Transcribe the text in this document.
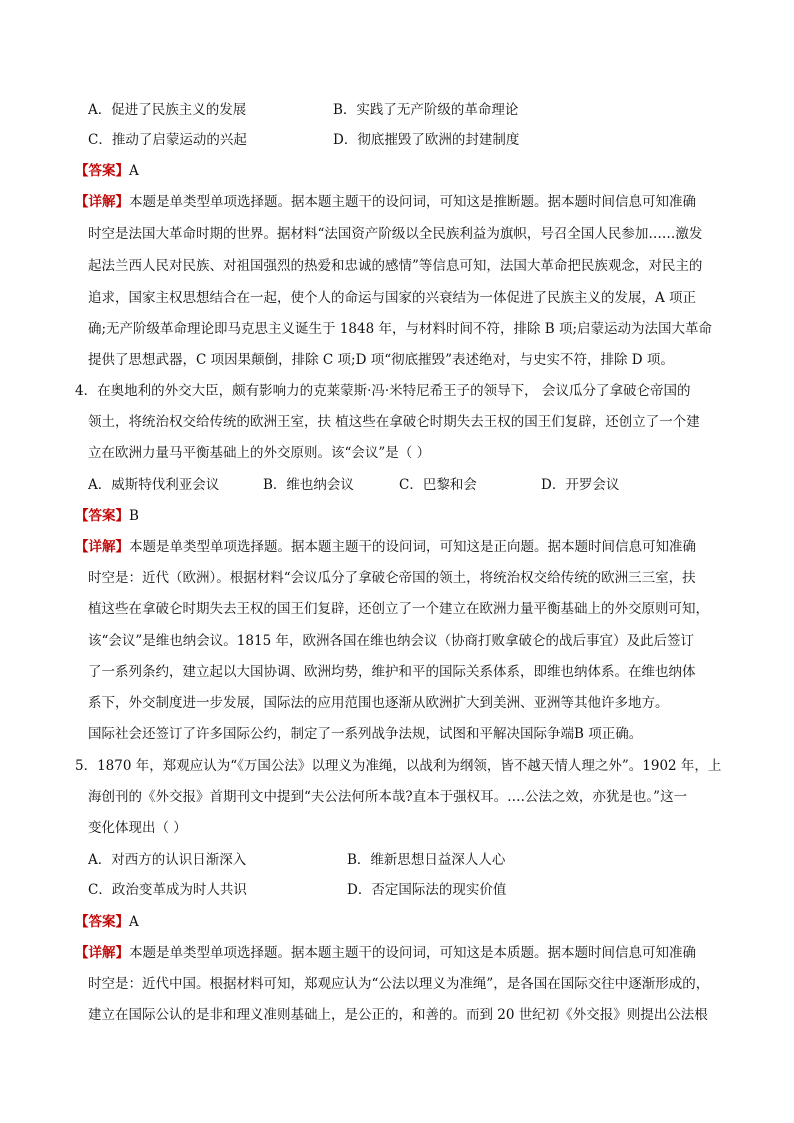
A．促进了民族主义的发展	B．实践了无产阶级的革命理论
C．推动了启蒙运动的兴起	D．彻底摧毁了欧洲的封建制度
【答案】A
【详解】本题是单类型单项选择题。据本题主题干的设问词，可知这是推断题。据本题时间信息可知准确
时空是法国大革命时期的世界。据材料“法国资产阶级以全民族利益为旗帜，号召全国人民参加……激发
起法兰西人民对民族、对祖国强烈的热爱和忠诚的感情”等信息可知，法国大革命把民族观念，对民主的
追求，国家主权思想结合在一起，使个人的命运与国家的兴衰结为一体促进了民族主义的发展，A 项正
确;无产阶级革命理论即马克思主义诞生于 1848 年，与材料时间不符，排除 B 项;启蒙运动为法国大革命
提供了思想武器，C 项因果颠倒，排除 C 项;D 项“彻底摧毁”表述绝对，与史实不符，排除 D 项。
4．在奥地利的外交大臣，颇有影响力的克莱蒙斯·冯·米特尼希王子的领导下， 会议瓜分了拿破仑帝国的
领土，将统治权交给传统的欧洲王室，扶 植这些在拿破仑时期失去王权的国王们复辟，还创立了一个建
立在欧洲力量马平衡基础上的外交原则。该“会议”是（ ）
A．威斯特伐利亚会议	B．维也纳会议	C．巴黎和会	D．开罗会议
【答案】B
【详解】本题是单类型单项选择题。据本题主题干的设问词，可知这是正向题。据本题时间信息可知准确
时空是：近代（欧洲）。根据材料“会议瓜分了拿破仑帝国的领土，将统治权交给传统的欧洲三三室，扶
植这些在拿破仑时期失去王权的国王们复辟，还创立了一个建立在欧洲力量平衡基础上的外交原则可知，
该“会议”是维也纳会议。1815 年，欧洲各国在维也纳会议（协商打败拿破仑的战后事宜）及此后签订
了一系列条约，建立起以大国协调、欧洲均势，维护和平的国际关系体系，即维也纳体系。在维也纳体
系下，外交制度进一步发展，国际法的应用范围也逐渐从欧洲扩大到美洲、亚洲等其他许多地方。
国际社会还签订了许多国际公约，制定了一系列战争法规，试图和平解决国际争端B 项正确。
5．1870 年，郑观应认为“《万国公法》以理义为准绳，以战利为纲领，皆不越天情人理之外”。1902 年，上
海创刊的《外交报》首期刊文中提到“夫公法何所本哉?直本于强权耳。….公法之效，亦犹是也。”这一
变化体现出（ ）
A．对西方的认识日渐深入	B．维新思想日益深人人心
C．政治变革成为时人共识	D．否定国际法的现实价值
【答案】A
【详解】本题是单类型单项选择题。据本题主题干的设问词，可知这是本质题。据本题时间信息可知准确
时空是：近代中国。根据材料可知，郑观应认为“公法以理义为准绳”，是各国在国际交往中逐渐形成的，
建立在国际公认的是非和理义准则基础上，是公正的，和善的。而到 20 世纪初《外交报》则提出公法根
